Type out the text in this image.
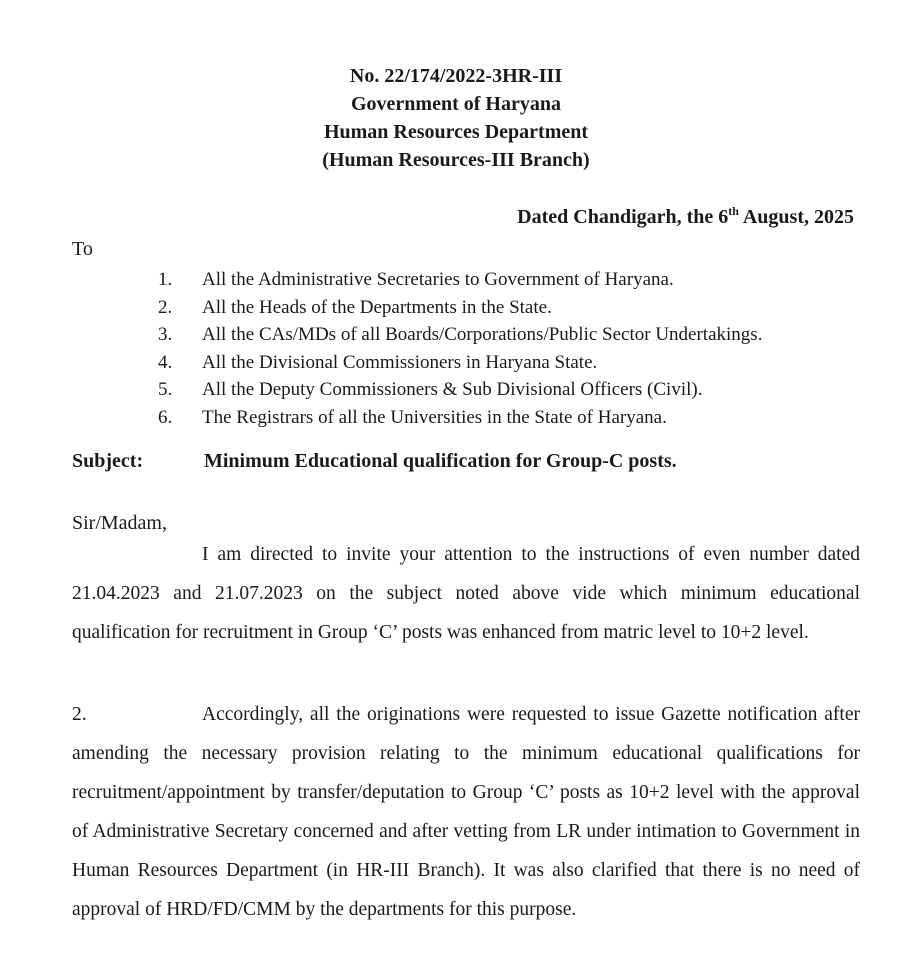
No. 22/174/2022-3HR-III
Government of Haryana
Human Resources Department
(Human Resources-III Branch)
Dated Chandigarh, the 6th August, 2025
To
1. All the Administrative Secretaries to Government of Haryana.
2. All the Heads of the Departments in the State.
3. All the CAs/MDs of all Boards/Corporations/Public Sector Undertakings.
4. All the Divisional Commissioners in Haryana State.
5. All the Deputy Commissioners & Sub Divisional Officers (Civil).
6. The Registrars of all the Universities in the State of Haryana.
Subject:	Minimum Educational qualification for Group-C posts.
Sir/Madam,
I am directed to invite your attention to the instructions of even number dated 21.04.2023 and 21.07.2023 on the subject noted above vide which minimum educational qualification for recruitment in Group ‘C’ posts was enhanced from matric level to 10+2 level.
2.	Accordingly, all the originations were requested to issue Gazette notification after amending the necessary provision relating to the minimum educational qualifications for recruitment/appointment by transfer/deputation to Group ‘C’ posts as 10+2 level with the approval of Administrative Secretary concerned and after vetting from LR under intimation to Government in Human Resources Department (in HR-III Branch). It was also clarified that there is no need of approval of HRD/FD/CMM by the departments for this purpose.
